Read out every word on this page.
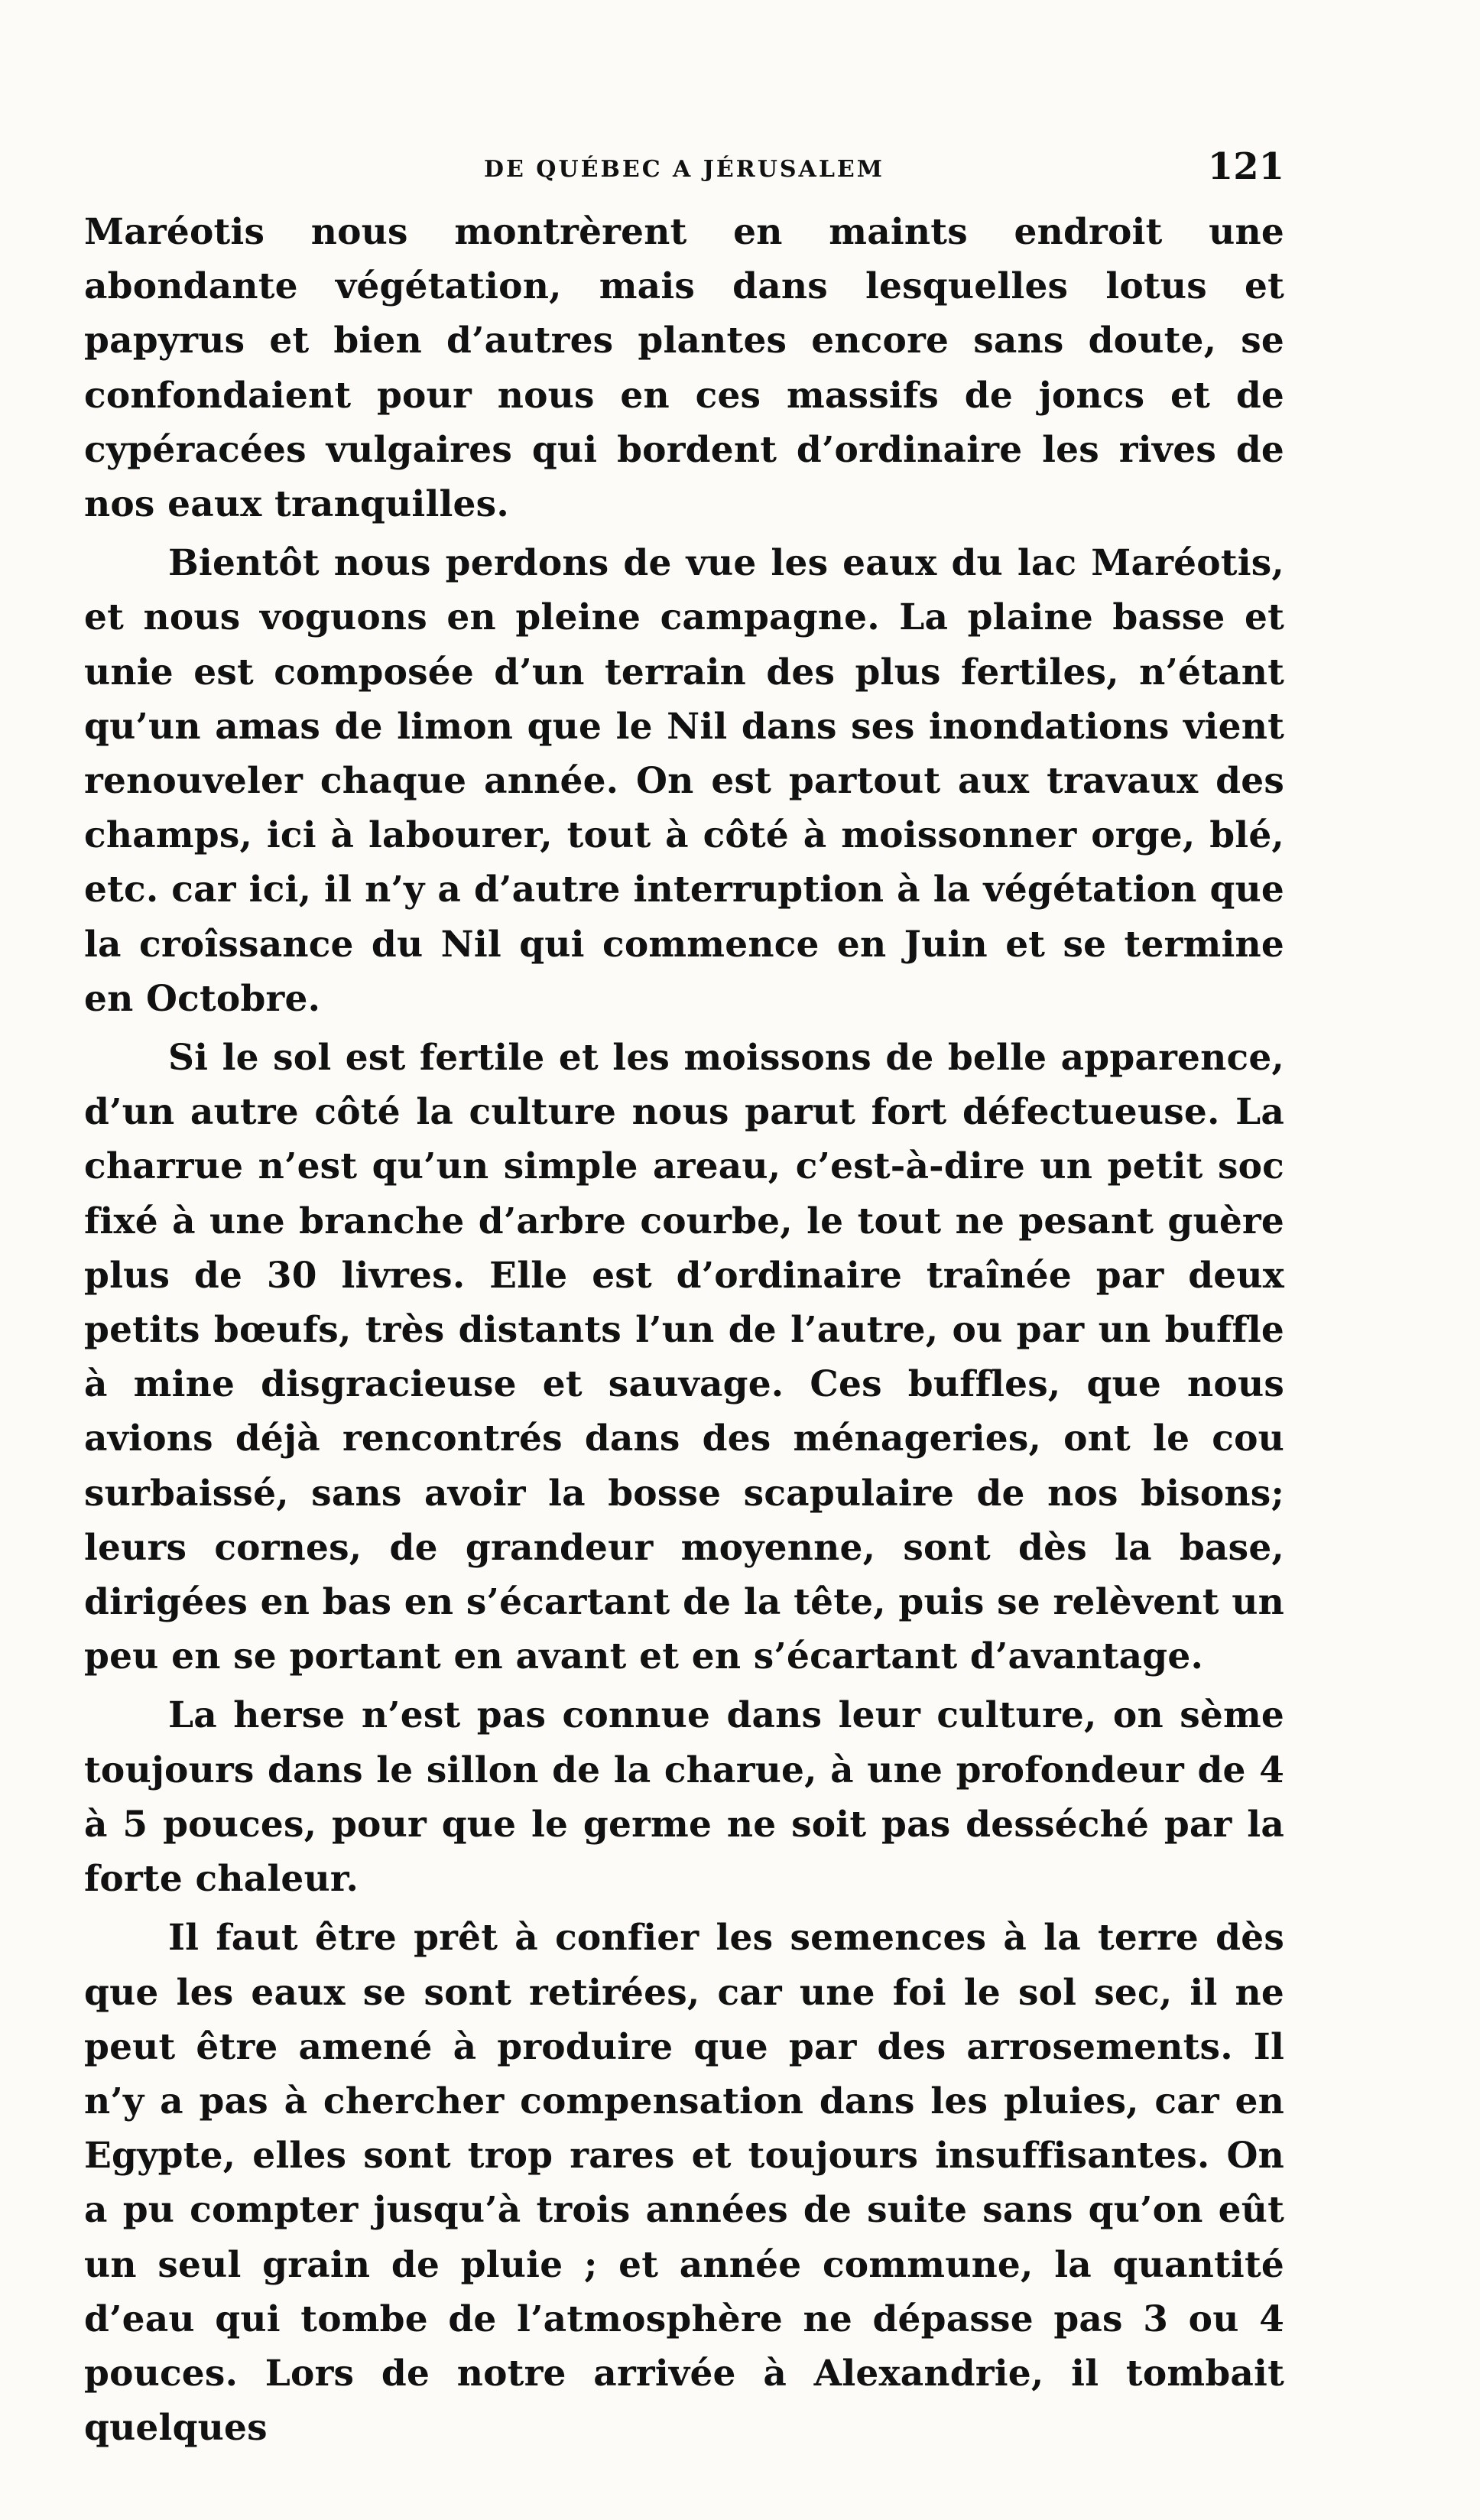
DE QUÉBEC A JÉRUSALEM	121

Maréotis nous montrèrent en maints endroit une abondante végétation, mais dans lesquelles lotus et papyrus et bien d’autres plantes encore sans doute, se confondaient pour nous en ces massifs de joncs et de cypéracées vulgaires qui bordent d’ordinaire les rives de nos eaux tranquilles.

Bientôt nous perdons de vue les eaux du lac Maréotis, et nous voguons en pleine campagne. La plaine basse et unie est composée d’un terrain des plus fertiles, n’étant qu’un amas de limon que le Nil dans ses inondations vient renouveler chaque année. On est partout aux travaux des champs, ici à labourer, tout à côté à moissonner orge, blé, etc. car ici, il n’y a d’autre interruption à la végétation que la croîssance du Nil qui commence en Juin et se termine en Octobre.

Si le sol est fertile et les moissons de belle apparence, d’un autre côté la culture nous parut fort défectueuse. La charrue n’est qu’un simple areau, c’est-à-dire un petit soc fixé à une branche d’arbre courbe, le tout ne pesant guère plus de 30 livres. Elle est d’ordinaire traînée par deux petits bœufs, très distants l’un de l’autre, ou par un buffle à mine disgracieuse et sauvage. Ces buffles, que nous avions déjà rencontrés dans des ménageries, ont le cou surbaissé, sans avoir la bosse scapulaire de nos bisons; leurs cornes, de grandeur moyenne, sont dès la base, dirigées en bas en s’écartant de la tête, puis se relèvent un peu en se portant en avant et en s’écartant d’avantage.

La herse n’est pas connue dans leur culture, on sème toujours dans le sillon de la charue, à une profondeur de 4 à 5 pouces, pour que le germe ne soit pas desséché par la forte chaleur.

Il faut être prêt à confier les semences à la terre dès que les eaux se sont retirées, car une foi le sol sec, il ne peut être amené à produire que par des arrosements. Il n’y a pas à chercher compensation dans les pluies, car en Egypte, elles sont trop rares et toujours insuffisantes. On a pu compter jusqu’à trois années de suite sans qu’on eût un seul grain de pluie ; et année commune, la quantité d’eau qui tombe de l’atmosphère ne dépasse pas 3 ou 4 pouces. Lors de notre arrivée à Alexandrie, il tombait quelques
